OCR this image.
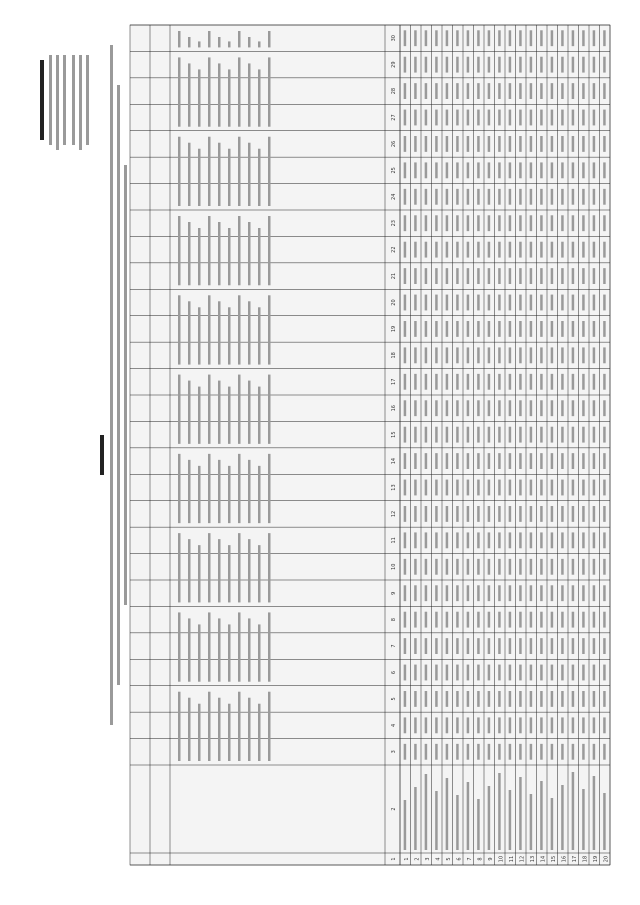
1
2
3
4
5
6
7
8
9
10
11
12
13
14
15
16
17
18
19
20
21
22
23
24
25
26
27
28
29
30
1 2 3 4 5 6 7 8 9 10 11 12 13 14 15 16 17 18 19 20
